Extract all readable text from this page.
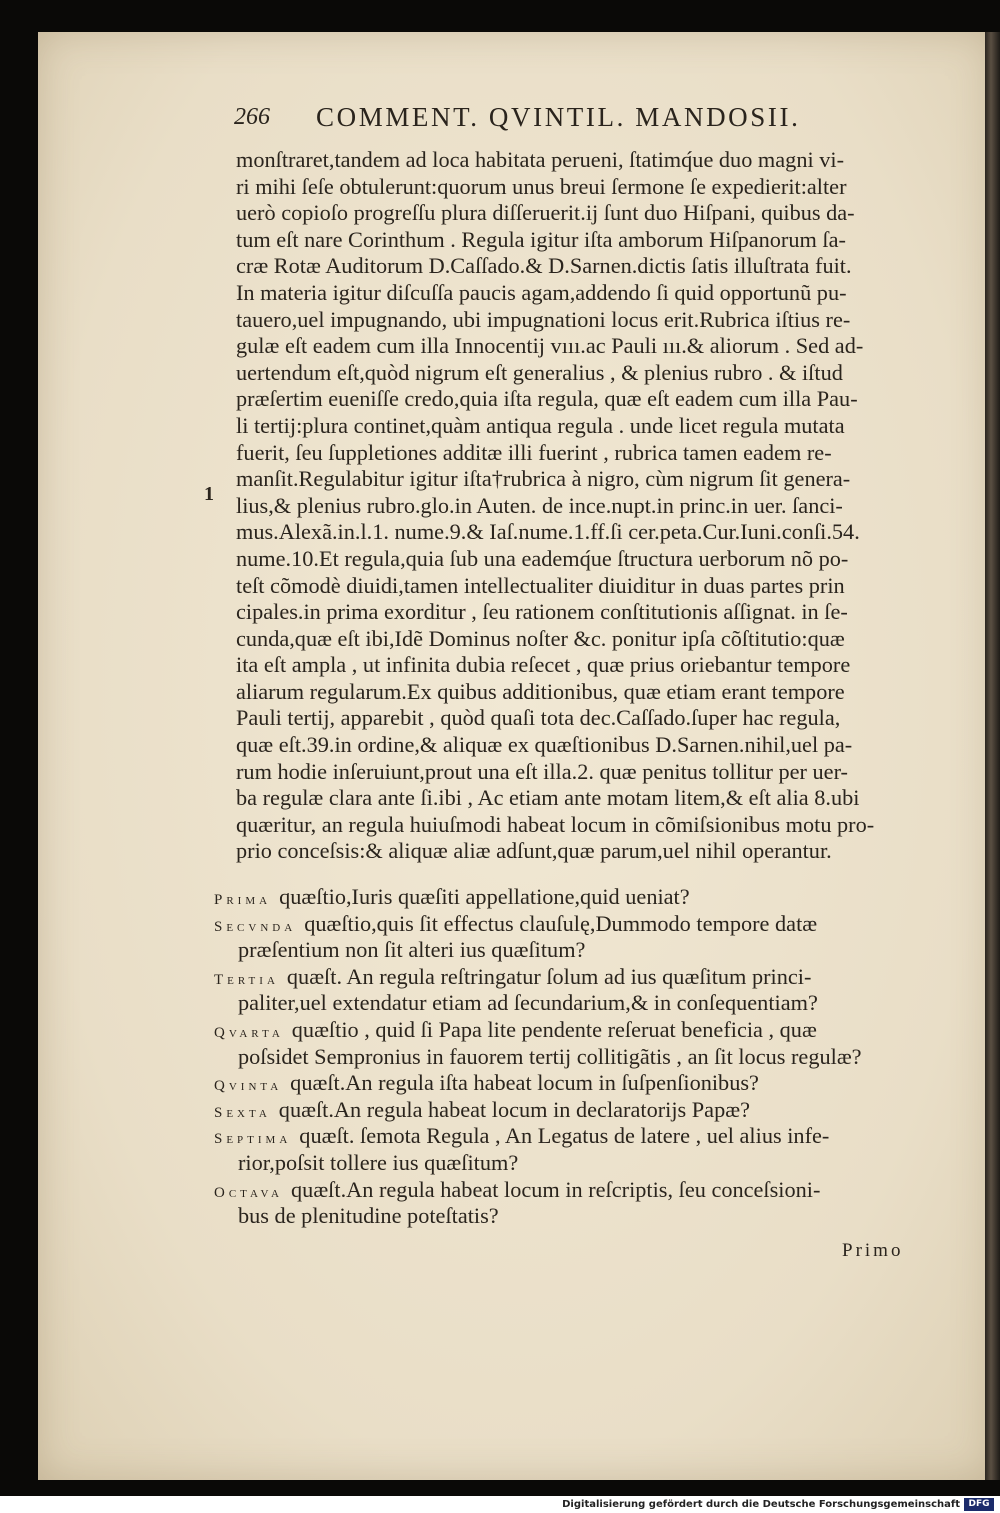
266 COMMENT. QVINTIL. MANDOSII.
1
monſtraret,tandem ad loca habitata perueni, ſtatimq́ue duo magni vi-
ri mihi ſeſe obtulerunt:quorum unus breui ſermone ſe expedierit:alter
uerò copioſo progreſſu plura diſſeruerit.ij ſunt duo Hiſpani, quibus da-
tum eſt nare Corinthum . Regula igitur iſta amborum Hiſpanorum ſa-
cræ Rotæ Auditorum D.Caſſado.& D.Sarnen.dictis ſatis illuſtrata fuit.
In materia igitur diſcuſſa paucis agam,addendo ſi quid opportunũ pu-
tauero,uel impugnando, ubi impugnationi locus erit.Rubrica iſtius re-
gulæ eſt eadem cum illa Innocentij vııı.ac Pauli ııı.& aliorum . Sed ad-
uertendum eſt,quòd nigrum eſt generalius , & plenius rubro . & iſtud
præſertim eueniſſe credo,quia iſta regula, quæ eſt eadem cum illa Pau-
li tertij:plura continet,quàm antiqua regula . unde licet regula mutata
fuerit, ſeu ſuppletiones additæ illi fuerint , rubrica tamen eadem re-
manſit.Regulabitur igitur iſta†rubrica à nigro, cùm nigrum ſit genera-
lius,& plenius rubro.glo.in Auten. de ince.nupt.in princ.in uer. ſanci-
mus.Alexã.in.l.1. nume.9.& Iaſ.nume.1.ff.ſi cer.peta.Cur.Iuni.conſi.54.
nume.10.Et regula,quia ſub una eademq́ue ſtructura uerborum nõ po-
teſt cõmodè diuidi,tamen intellectualiter diuiditur in duas partes prin
cipales.in prima exorditur , ſeu rationem conſtitutionis aſſignat. in ſe-
cunda,quæ eſt ibi,Idẽ Dominus noſter &c. ponitur ipſa cõſtitutio:quæ
ita eſt ampla , ut infinita dubia reſecet , quæ prius oriebantur tempore
aliarum regularum.Ex quibus additionibus, quæ etiam erant tempore
Pauli tertij, apparebit , quòd quaſi tota dec.Caſſado.ſuper hac regula,
quæ eſt.39.in ordine,& aliquæ ex quæſtionibus D.Sarnen.nihil,uel pa-
rum hodie inſeruiunt,prout una eſt illa.2. quæ penitus tollitur per uer-
ba regulæ clara ante ſi.ibi , Ac etiam ante motam litem,& eſt alia 8.ubi
quæritur, an regula huiuſmodi habeat locum in cõmiſsionibus motu pro-
prio conceſsis:& aliquæ aliæ adſunt,quæ parum,uel nihil operantur.
Prima quæſtio,Iuris quæſiti appellatione,quid ueniat?
Secvnda quæſtio,quis ſit effectus clauſulę,Dummodo tempore datæ
præſentium non ſit alteri ius quæſitum?
Tertia quæſt. An regula reſtringatur ſolum ad ius quæſitum princi-
paliter,uel extendatur etiam ad ſecundarium,& in conſequentiam?
Qvarta quæſtio , quid ſi Papa lite pendente reſeruat beneficia , quæ
poſsidet Sempronius in fauorem tertij collitigãtis , an ſit locus regulæ?
Qvinta quæſt.An regula iſta habeat locum in ſuſpenſionibus?
Sexta quæſt.An regula habeat locum in declaratorijs Papæ?
Septima quæſt. ſemota Regula , An Legatus de latere , uel alius infe-
rior,poſsit tollere ius quæſitum?
Octava quæſt.An regula habeat locum in reſcriptis, ſeu conceſsioni-
bus de plenitudine poteſtatis?
Primo
Digitalisierung gefördert durch die Deutsche Forschungsgemeinschaft DFG
